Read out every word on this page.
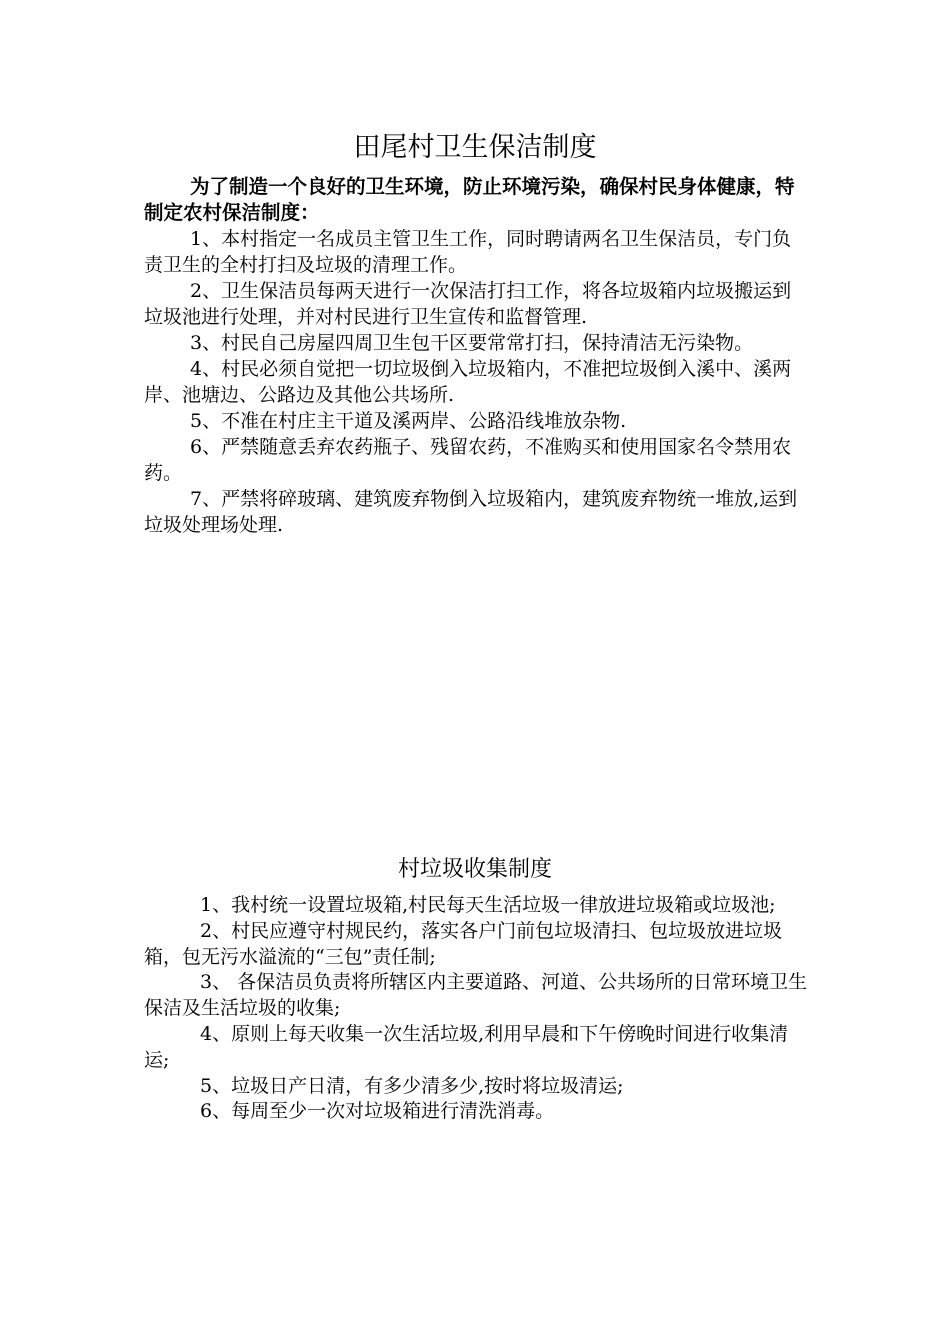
田尾村卫生保洁制度

为了制造一个良好的卫生环境，防止环境污染，确保村民身体健康，特制定农村保洁制度：

1、本村指定一名成员主管卫生工作，同时聘请两名卫生保洁员，专门负责卫生的全村打扫及垃圾的清理工作。

2、卫生保洁员每两天进行一次保洁打扫工作，将各垃圾箱内垃圾搬运到垃圾池进行处理，并对村民进行卫生宣传和监督管理.

3、村民自己房屋四周卫生包干区要常常打扫，保持清洁无污染物。

4、村民必须自觉把一切垃圾倒入垃圾箱内，不准把垃圾倒入溪中、溪两岸、池塘边、公路边及其他公共场所.

5、不准在村庄主干道及溪两岸、公路沿线堆放杂物.

6、严禁随意丢弃农药瓶子、残留农药，不准购买和使用国家名令禁用农药。

7、严禁将碎玻璃、建筑废弃物倒入垃圾箱内，建筑废弃物统一堆放,运到垃圾处理场处理.

村垃圾收集制度

1、我村统一设置垃圾箱,村民每天生活垃圾一律放进垃圾箱或垃圾池;

2、村民应遵守村规民约，落实各户门前包垃圾清扫、包垃圾放进垃圾箱，包无污水溢流的“三包”责任制;

3、 各保洁员负责将所辖区内主要道路、河道、公共场所的日常环境卫生保洁及生活垃圾的收集;

4、原则上每天收集一次生活垃圾,利用早晨和下午傍晚时间进行收集清运;

5、垃圾日产日清，有多少清多少,按时将垃圾清运;

6、每周至少一次对垃圾箱进行清洗消毒。
